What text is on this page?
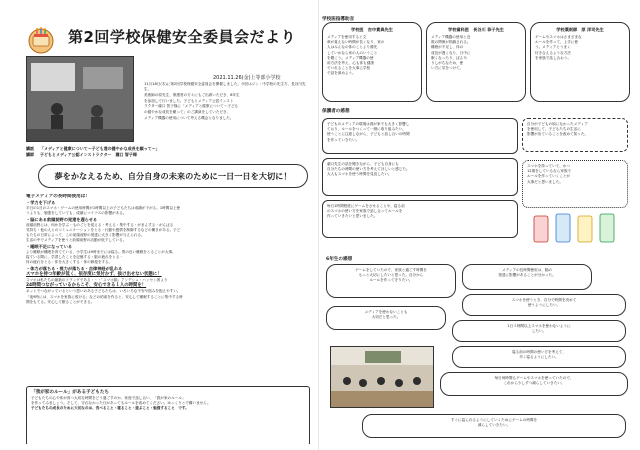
第2回学校保健安全委員会だより
2021.11.26(金)上等部小学校

11月18日(木)に第2回学校保健安全委員会を開催しました。今回はジン・中学校の先生方、長谷川先生、

美術師の原先生、保護者の方々にもご出席いただき、6年生

を参加して行いました。子どもとメディア公認インスト

ラクター瀧口 智子様に「メディアと健康について〜子ども

の健やかな成長を願って」のご講演をしていただき、

メディア機器の使用について考える機会となりました。

講話 「メディアと健康について〜子ども達の健やかな成長を願って〜」
講師 子どもとメディア公認インストラクター　瀧口 智子様
夢をかなえるため、自分自身の未来のために一日一日を大切に！
電子メディアの長時間使用は！
・学力を下げる
平日の1日のスマホ・ゲームの使用時間が1時間以上の子どもたちは成績が下がる。1時間以上使
うよりも、勉強をしていても、成績にマイナスの影響がある。
・脳にある前頭前野の発達を遅らせる
前頭前野には、何かを学ぶ・ものごとを覚える・考える・集中する・がまんする・がんばる
気持ち・他の人とのコミュニケーションをとる・行動や感情を制御するなどの働きがある。子ど
もたちの日常によって、この前頭前野の発達に大きく影響が与えられる。
生活の中でメディアを使うと前頭前野の活動が低下している。
・睡眠不足になっている
より睡眠が睡眠を育てている、小学生は9時までには寝る。質の良い睡眠をとることが大事。
寝ている間に、学習したことを記憶する・脳の疲れをとる・
体の疲れをとる・体を大きくする・体の修復をする。
・体力が落ちる・視力が落ちる・自律神経が乱れる
スマホを持つ年齢が低く、依存度に気付かず、抜け出せない状態に！
スマホは私たちの最新のドラッグである・・・「スマホ脳」アンデシュ・ハンセン著より
24時間つながっているからこそ、安心できる１人の時間を！
ネットでつながっているという思いのある子どもたちは、いろいろな不安や悩みを抱えやすい。
「夜9時には、スマホを家族に預ける」などの約束を作ると、安心して睡眠することに集中する時
間をもてる。安心して眠ることができる。
「我が家のルール」がある子どもたち
子どもたちの心や体が育つ大切な時間をどう過ごすのか、家庭で話し合い、「我が家のルール」
を作ってみましょう。そして、守れなかった日があってもルールを改めてください。ゆっくりとで構いません。
子どもたちの成長のために大切なのは、食べること・寝ること・遊ぶこと・勉強すること　です。
学校医指導助言
学校医　吉中貴典先生
メディアを使用すると文
章が覚えない時間が長くなり、家の
人はみんなの体のことより優先
していかなら家の人のいうこと
を聞こう。メディア機器の使
用方法を考え、心も体も健康
でいれることを大事に学校
で話を深めよう。
学校歯科医　長谷川 恭子先生
メディア機器の使用と近
視の関係が指摘される。
睡眠が不足し、体の
成長が遅くなり、日中に
眠くなったり、ぼんや
りしがちなため、使
い方に気をつけて。
学校薬剤師　原 洋司先生
ゲームやスマホはさまざまな
ルールを作って、上手に使
う。メディアとうまく
付き合えるような方法
を家族で話し合おう。
保護者の感想
子どものメディアの環境は我が家でも大きく影響し
ており、ルールをつくって一緒に取り組みたい。
使うことに注意しながら、子どもと話し合いの時間
を作っていきたい。
自分が子どもの頃になかったメディア
を使用して、子どもたちの生活に
影響が出ていることを改めて知った。
瀧口先生の話を聞きながら、子ども自身にも
自分たちの時間の使い方を考えてほしいと感じた。
大人もスマホを使う時間を見直したい。
スマホを持っていて、かつ
12歳をしているなら家族で
ルールを作っていくことが
大事だと思いました。
毎日1時間程度にゲームをさせることや、寝る前
のスマホの使い方を家族で話し合ってルールを
作っていきたいと思いました。
6年生の感想
ゲームをしていたので、家族と過ごす時間を
もっと大切にしたいと思った。自分から
ルールを作って守りたい。
メディアの長時間使用は、脳の
発達に影響があることが分かった。
スマホを使うとき、自分で時間を決めて
使うようにしたい。
メディアを使わないことも
大切だと思った。
1日１時間以上スマホを使わないように
したい。
寝る前の時間の使い方を考えて、
早く寝るようにしたい。
毎日何時間もゲームやスマホを使っていたので、
これから少しずつ減らしていきたい。
すぐに寝られるようにしていくためにゲームの時間を
減らしていきたい。
